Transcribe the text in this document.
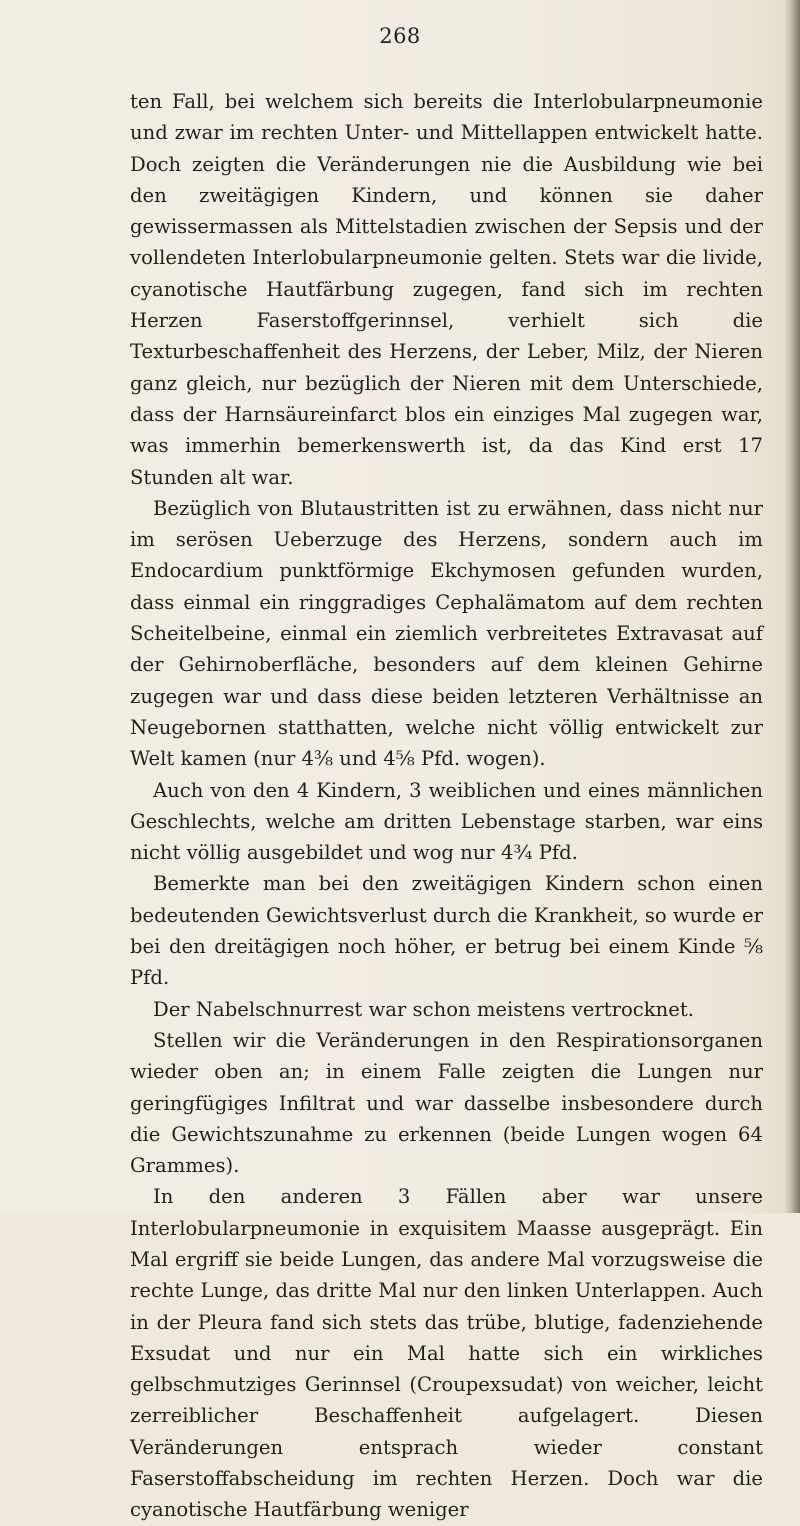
268

ten Fall, bei welchem sich bereits die Interlobularpneumonie und zwar im rechten Unter- und Mittellappen entwickelt hatte. Doch zeigten die Veränderungen nie die Ausbildung wie bei den zweitägigen Kindern, und können sie daher gewissermassen als Mittelstadien zwischen der Sepsis und der vollendeten Interlobularpneumonie gelten. Stets war die livide, cyanotische Hautfärbung zugegen, fand sich im rechten Herzen Faserstoffgerinnsel, verhielt sich die Texturbeschaffenheit des Herzens, der Leber, Milz, der Nieren ganz gleich, nur bezüglich der Nieren mit dem Unterschiede, dass der Harnsäureinfarct blos ein einziges Mal zugegen war, was immerhin bemerkenswerth ist, da das Kind erst 17 Stunden alt war.

Bezüglich von Blutaustritten ist zu erwähnen, dass nicht nur im serösen Ueberzuge des Herzens, sondern auch im Endocardium punktförmige Ekchymosen gefunden wurden, dass einmal ein ringgradiges Cephalämatom auf dem rechten Scheitelbeine, einmal ein ziemlich verbreitetes Extravasat auf der Gehirnoberfläche, besonders auf dem kleinen Gehirne zugegen war und dass diese beiden letzteren Verhältnisse an Neugebornen statthatten, welche nicht völlig entwickelt zur Welt kamen (nur 4⅜ und 4⅝ Pfd. wogen).

Auch von den 4 Kindern, 3 weiblichen und eines männlichen Geschlechts, welche am dritten Lebenstage starben, war eins nicht völlig ausgebildet und wog nur 4¾ Pfd.

Bemerkte man bei den zweitägigen Kindern schon einen bedeutenden Gewichtsverlust durch die Krankheit, so wurde er bei den dreitägigen noch höher, er betrug bei einem Kinde ⅝ Pfd.

Der Nabelschnurrest war schon meistens vertrocknet.

Stellen wir die Veränderungen in den Respirationsorganen wieder oben an; in einem Falle zeigten die Lungen nur geringfügiges Infiltrat und war dasselbe insbesondere durch die Gewichtszunahme zu erkennen (beide Lungen wogen 64 Grammes).

In den anderen 3 Fällen aber war unsere Interlobularpneumonie in exquisitem Maasse ausgeprägt. Ein Mal ergriff sie beide Lungen, das andere Mal vorzugsweise die rechte Lunge, das dritte Mal nur den linken Unterlappen. Auch in der Pleura fand sich stets das trübe, blutige, fadenziehende Exsudat und nur ein Mal hatte sich ein wirkliches gelbschmutziges Gerinnsel (Croupexsudat) von weicher, leicht zerreiblicher Beschaffenheit aufgelagert. Diesen Veränderungen entsprach wieder constant Faserstoffabscheidung im rechten Herzen. Doch war die cyanotische Hautfärbung weniger
